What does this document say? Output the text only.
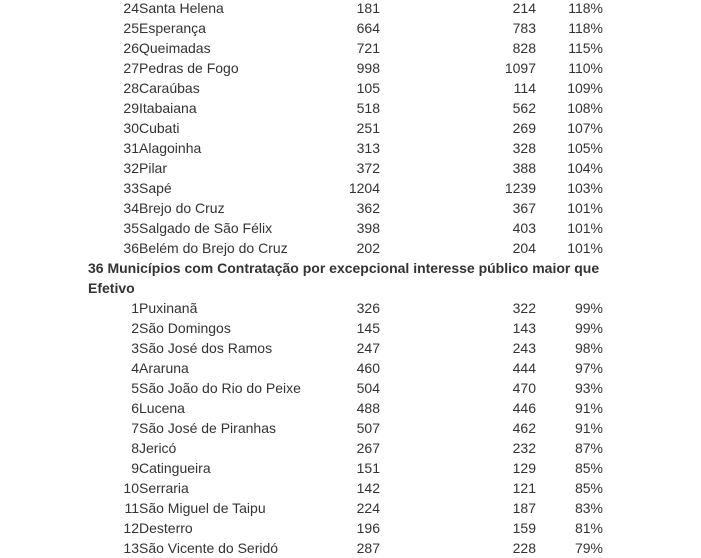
36 Municípios com Contratação por excepcional interesse público maior que Efetivo
24 Santa Helena	181	214 118%
25 Esperança	664	783 118%
26 Queimadas	721	828 115%
27 Pedras de Fogo	998	1097 110%
28 Caraúbas	105	114 109%
29 Itabaiana	518	562 108%
30 Cubati	251	269 107%
31 Alagoinha	313	328 105%
32 Pilar	372	388 104%
33 Sapé	1204	1239 103%
34 Brejo do Cruz	362	367 101%
35 Salgado de São Félix	398	403 101%
36 Belém do Brejo do Cruz	202	204 101%
1 Puxinanã	326	322	99%
2 São Domingos	145	143	99%
3 São José dos Ramos	247	243	98%
4 Araruna	460	444	97%
5 São João do Rio do Peixe	504	470	93%
6 Lucena	488	446	91%
7 São José de Piranhas	507	462	91%
8 Jericó	267	232	87%
9 Catingueira	151	129	85%
10 Serraria	142	121	85%
11 São Miguel de Taipu	224	187	83%
12 Desterro	196	159	81%
13 São Vicente do Seridó	287	228	79%
